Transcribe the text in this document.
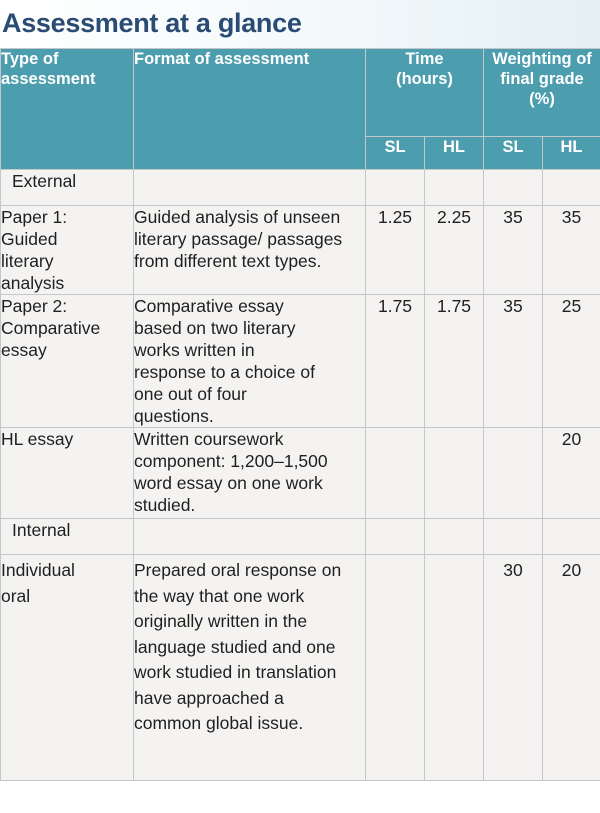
Assessment at a glance
Type of assessment	Format of assessment	Time (hours)		Weighting of final grade (%)	
		SL	HL	SL	HL
External					
Paper 1: Guided literary analysis	Guided analysis of unseen literary passage/ passages from different text types.	1.25	2.25	35	35
Paper 2: Comparative essay	Comparative essay based on two literary works written in response to a choice of one out of four questions.	1.75	1.75	35	25
HL essay	Written coursework component: 1,200–1,500 word essay on one work studied.				20
Internal					
Individual oral	Prepared oral response on the way that one work originally written in the language studied and one work studied in translation have approached a common global issue.			30	20
